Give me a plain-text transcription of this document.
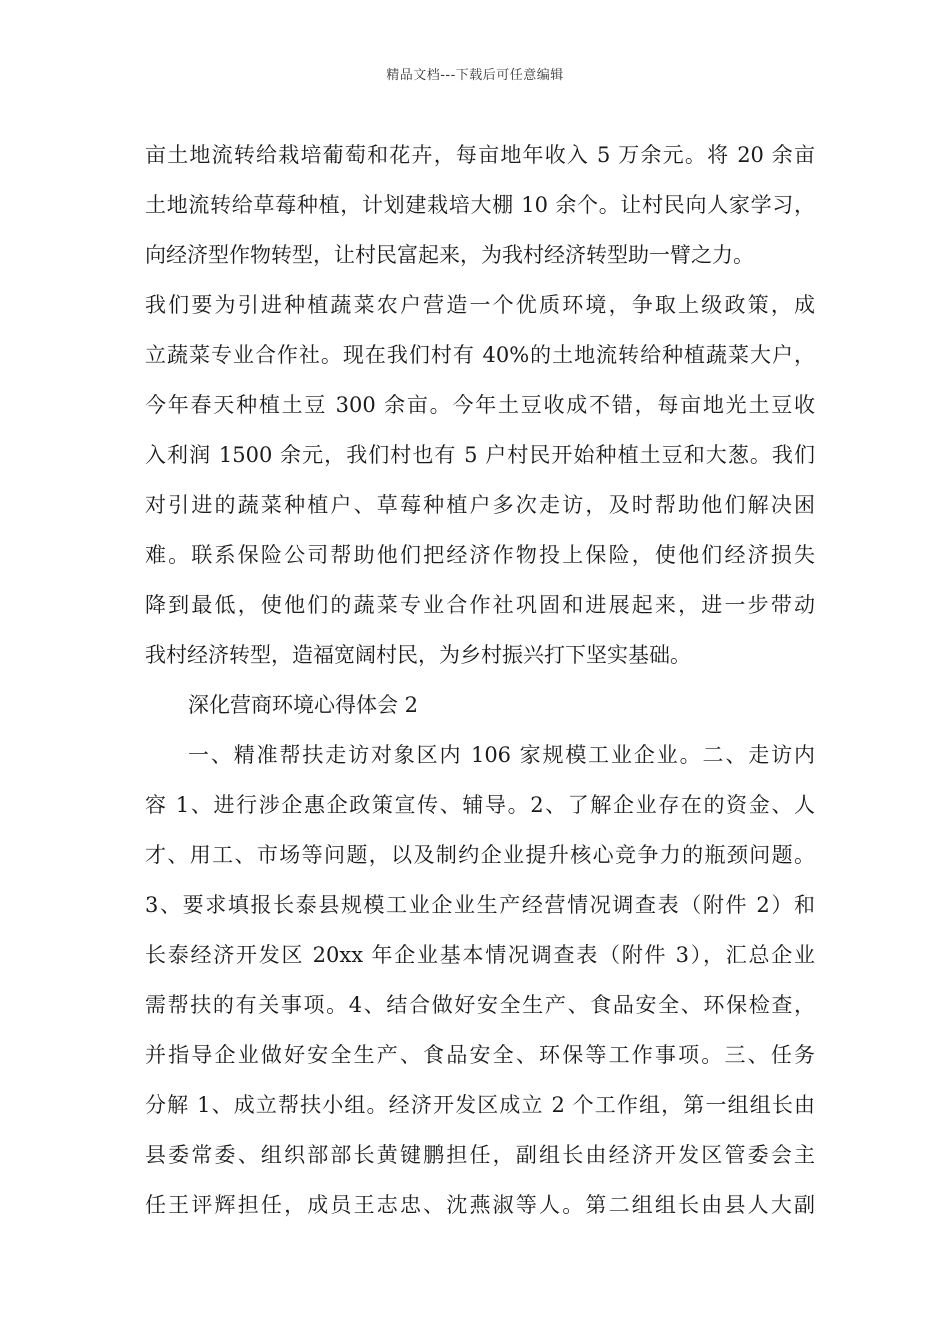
精品文档---下载后可任意编辑
亩土地流转给栽培葡萄和花卉，每亩地年收入 5 万余元。将 20 余亩
土地流转给草莓种植，计划建栽培大棚 10 余个。让村民向人家学习，
向经济型作物转型，让村民富起来，为我村经济转型助一臂之力。
我们要为引进种植蔬菜农户营造一个优质环境，争取上级政策，成
立蔬菜专业合作社。现在我们村有 40%的土地流转给种植蔬菜大户，
今年春天种植土豆 300 余亩。今年土豆收成不错，每亩地光土豆收
入利润 1500 余元，我们村也有 5 户村民开始种植土豆和大葱。我们
对引进的蔬菜种植户、草莓种植户多次走访，及时帮助他们解决困
难。联系保险公司帮助他们把经济作物投上保险，使他们经济损失
降到最低，使他们的蔬菜专业合作社巩固和进展起来，进一步带动
我村经济转型，造福宽阔村民，为乡村振兴打下坚实基础。
深化营商环境心得体会 2
一、精准帮扶走访对象区内 106 家规模工业企业。二、走访内
容 1、进行涉企惠企政策宣传、辅导。2、了解企业存在的资金、人
才、用工、市场等问题，以及制约企业提升核心竞争力的瓶颈问题。
3、要求填报长泰县规模工业企业生产经营情况调查表（附件 2）和
长泰经济开发区 20xx 年企业基本情况调查表（附件 3），汇总企业
需帮扶的有关事项。4、结合做好安全生产、食品安全、环保检查，
并指导企业做好安全生产、食品安全、环保等工作事项。三、任务
分解 1、成立帮扶小组。经济开发区成立 2 个工作组，第一组组长由
县委常委、组织部部长黄键鹏担任，副组长由经济开发区管委会主
任王评辉担任，成员王志忠、沈燕淑等人。第二组组长由县人大副
